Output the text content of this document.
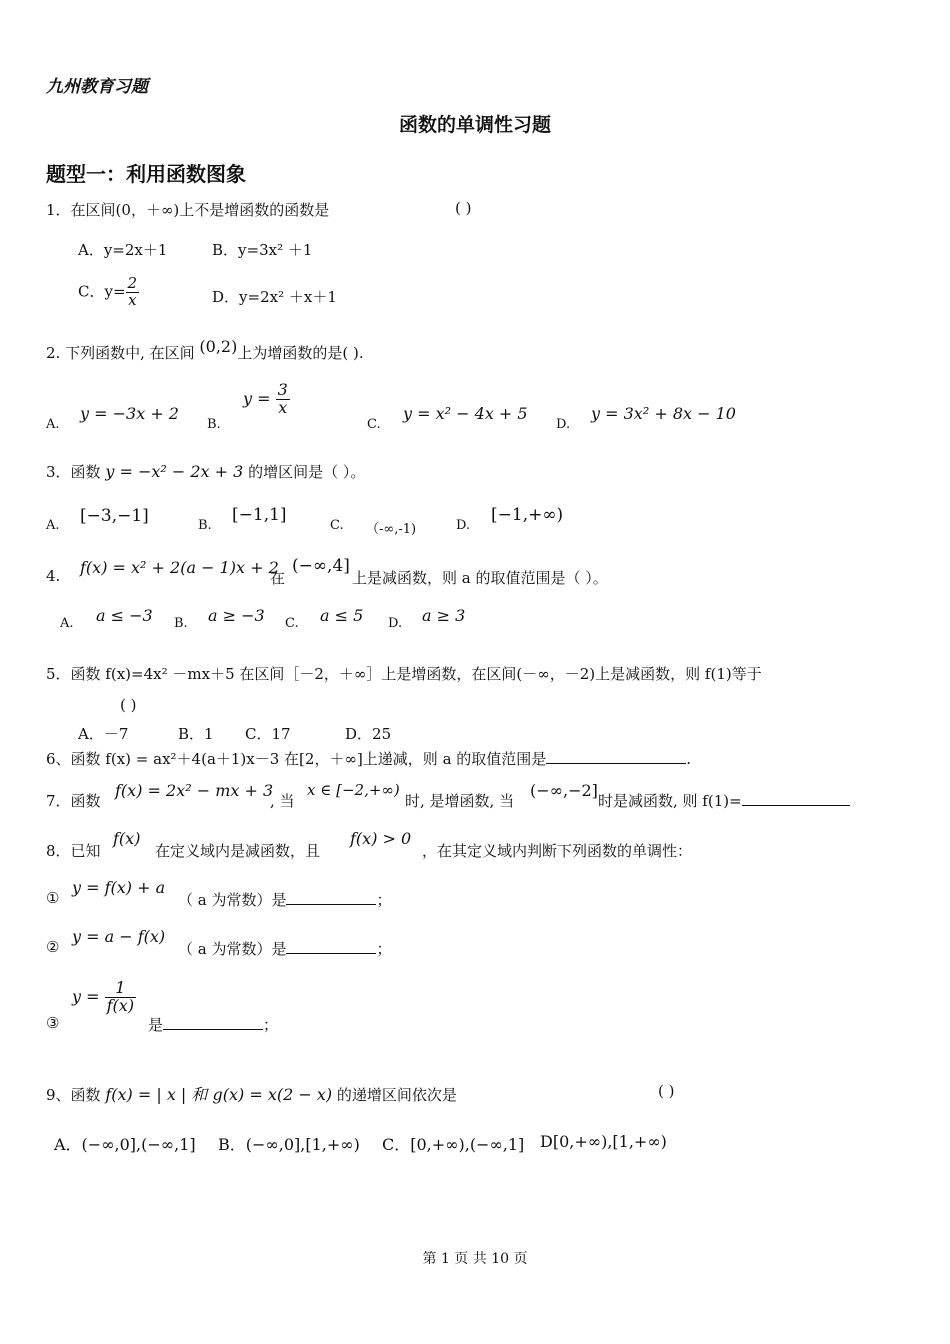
九州教育习题
函数的单调性习题
题型一：利用函数图象
1．在区间(0，＋∞)上不是增函数的函数是	( )
A．y=2x＋1	B．y=3x² ＋1
C．$y= \frac{2}{x}$	D．y=2x² ＋x＋1
2. 下列函数中, 在区间 (0,2)上为增函数的是( ).
A.
y = −3x + 2
B.
$y = \frac{3}{x}$
C.
y = x² − 4x + 5
D.
y = 3x² + 8x − 10
3．函数 y = −x² − 2x + 3 的增区间是（ ）。
A. [−3,−1]	B.
[−1,1]
C. （-∞,-1)	D.
[−1,+∞)
4. f(x) = x² + 2(a − 1)x + 2
在
(−∞,4]
上是减函数，则 a 的取值范围是（ ）。
A. a ≤ −3 B. a ≥ −3 C. a ≤ 5 D. a ≥ 3
5．函数 f(x)=4x² －mx＋5 在区间［－2，＋∞］上是增函数，在区间(－∞，－2)上是减函数，则 f(1)等于
( )
A．－7	B．1 C．17	D．25
6、函数 f(x) = ax²＋4(a＋1)x－3 在[2，＋∞]上递减，则 a 的取值范围是	.
7．函数
f(x) = 2x² − mx + 3
, 当
x ∈ [−2,+∞)
时, 是增函数, 当
(−∞,−2]
时是减函数, 则 f(1)=
8．已知
f(x)
在定义域内是减函数，且
f(x) > 0
，在其定义域内判断下列函数的单调性：
①
y = f(x) + a
（ a 为常数）是	；
②
y = a − f(x)
（ a 为常数）是	；
③
$y = \frac{1}{f(x)}$
是	；
9、函数 f(x) = | x | 和 g(x) = x(2 − x) 的递增区间依次是	( )
A．(−∞,0],(−∞,1] B．(−∞,0],[1,+∞) C．[0,+∞),(−∞,1] D[0,+∞),[1,+∞)
第 1 页 共 10 页
